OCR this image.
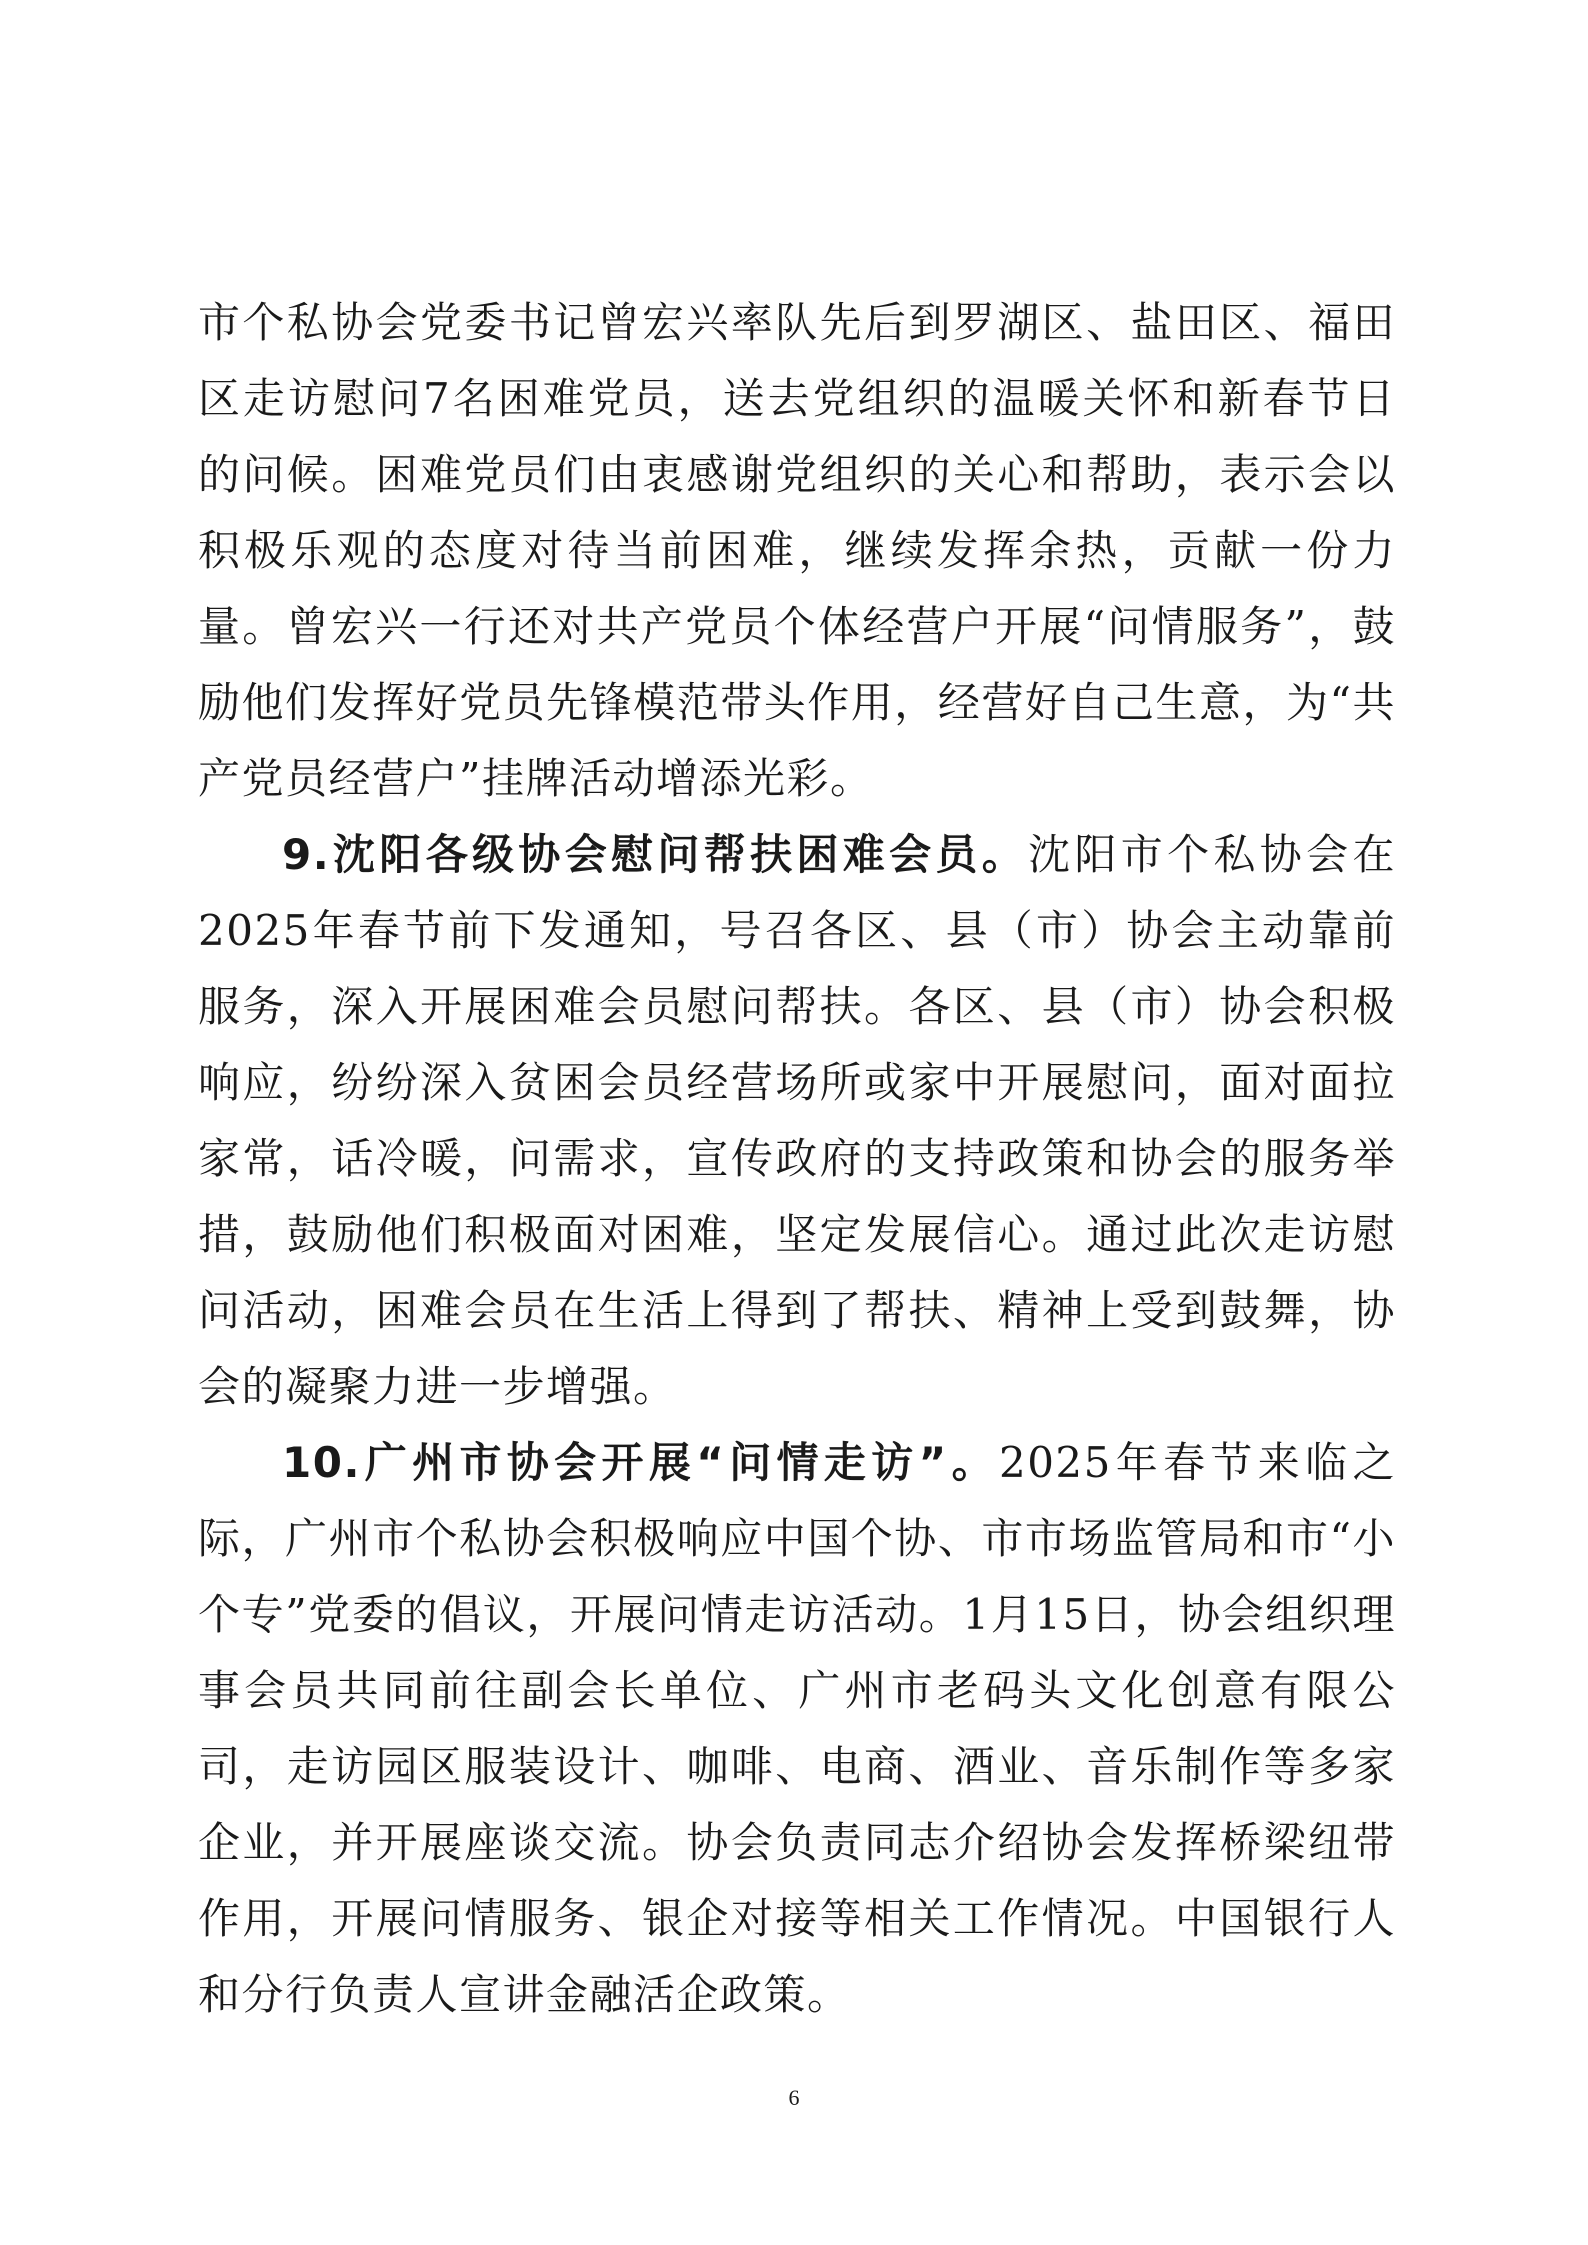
市个私协会党委书记曾宏兴率队先后到罗湖区、盐田区、福田区走访慰问7名困难党员，送去党组织的温暖关怀和新春节日的问候。困难党员们由衷感谢党组织的关心和帮助，表示会以积极乐观的态度对待当前困难，继续发挥余热，贡献一份力量。曾宏兴一行还对共产党员个体经营户开展“问情服务”，鼓励他们发挥好党员先锋模范带头作用，经营好自己生意，为“共产党员经营户”挂牌活动增添光彩。

9.沈阳各级协会慰问帮扶困难会员。沈阳市个私协会在2025年春节前下发通知，号召各区、县（市）协会主动靠前服务，深入开展困难会员慰问帮扶。各区、县（市）协会积极响应，纷纷深入贫困会员经营场所或家中开展慰问，面对面拉家常，话冷暖，问需求，宣传政府的支持政策和协会的服务举措，鼓励他们积极面对困难，坚定发展信心。通过此次走访慰问活动，困难会员在生活上得到了帮扶、精神上受到鼓舞，协会的凝聚力进一步增强。

10.广州市协会开展“问情走访”。2025年春节来临之际，广州市个私协会积极响应中国个协、市市场监管局和市“小个专”党委的倡议，开展问情走访活动。1月15日，协会组织理事会员共同前往副会长单位、广州市老码头文化创意有限公司，走访园区服装设计、咖啡、电商、酒业、音乐制作等多家企业，并开展座谈交流。协会负责同志介绍协会发挥桥梁纽带作用，开展问情服务、银企对接等相关工作情况。中国银行人和分行负责人宣讲金融活企政策。

6
